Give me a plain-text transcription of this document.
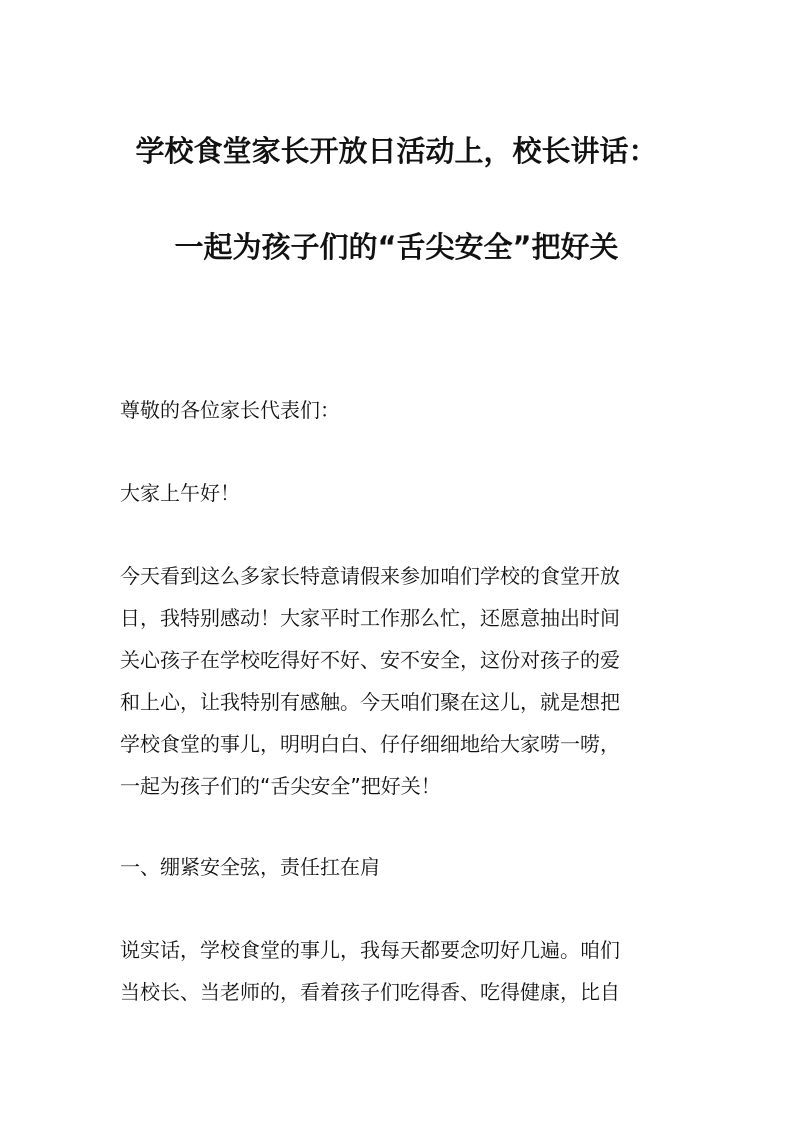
学校食堂家长开放日活动上，校长讲话：
一起为孩子们的“舌尖安全”把好关
尊敬的各位家长代表们：
大家上午好！
今天看到这么多家长特意请假来参加咱们学校的食堂开放
日，我特别感动！大家平时工作那么忙，还愿意抽出时间
关心孩子在学校吃得好不好、安不安全，这份对孩子的爱
和上心，让我特别有感触。今天咱们聚在这儿，就是想把
学校食堂的事儿，明明白白、仔仔细细地给大家唠一唠，
一起为孩子们的“舌尖安全”把好关！
一、绷紧安全弦，责任扛在肩
说实话，学校食堂的事儿，我每天都要念叨好几遍。咱们
当校长、当老师的，看着孩子们吃得香、吃得健康，比自
